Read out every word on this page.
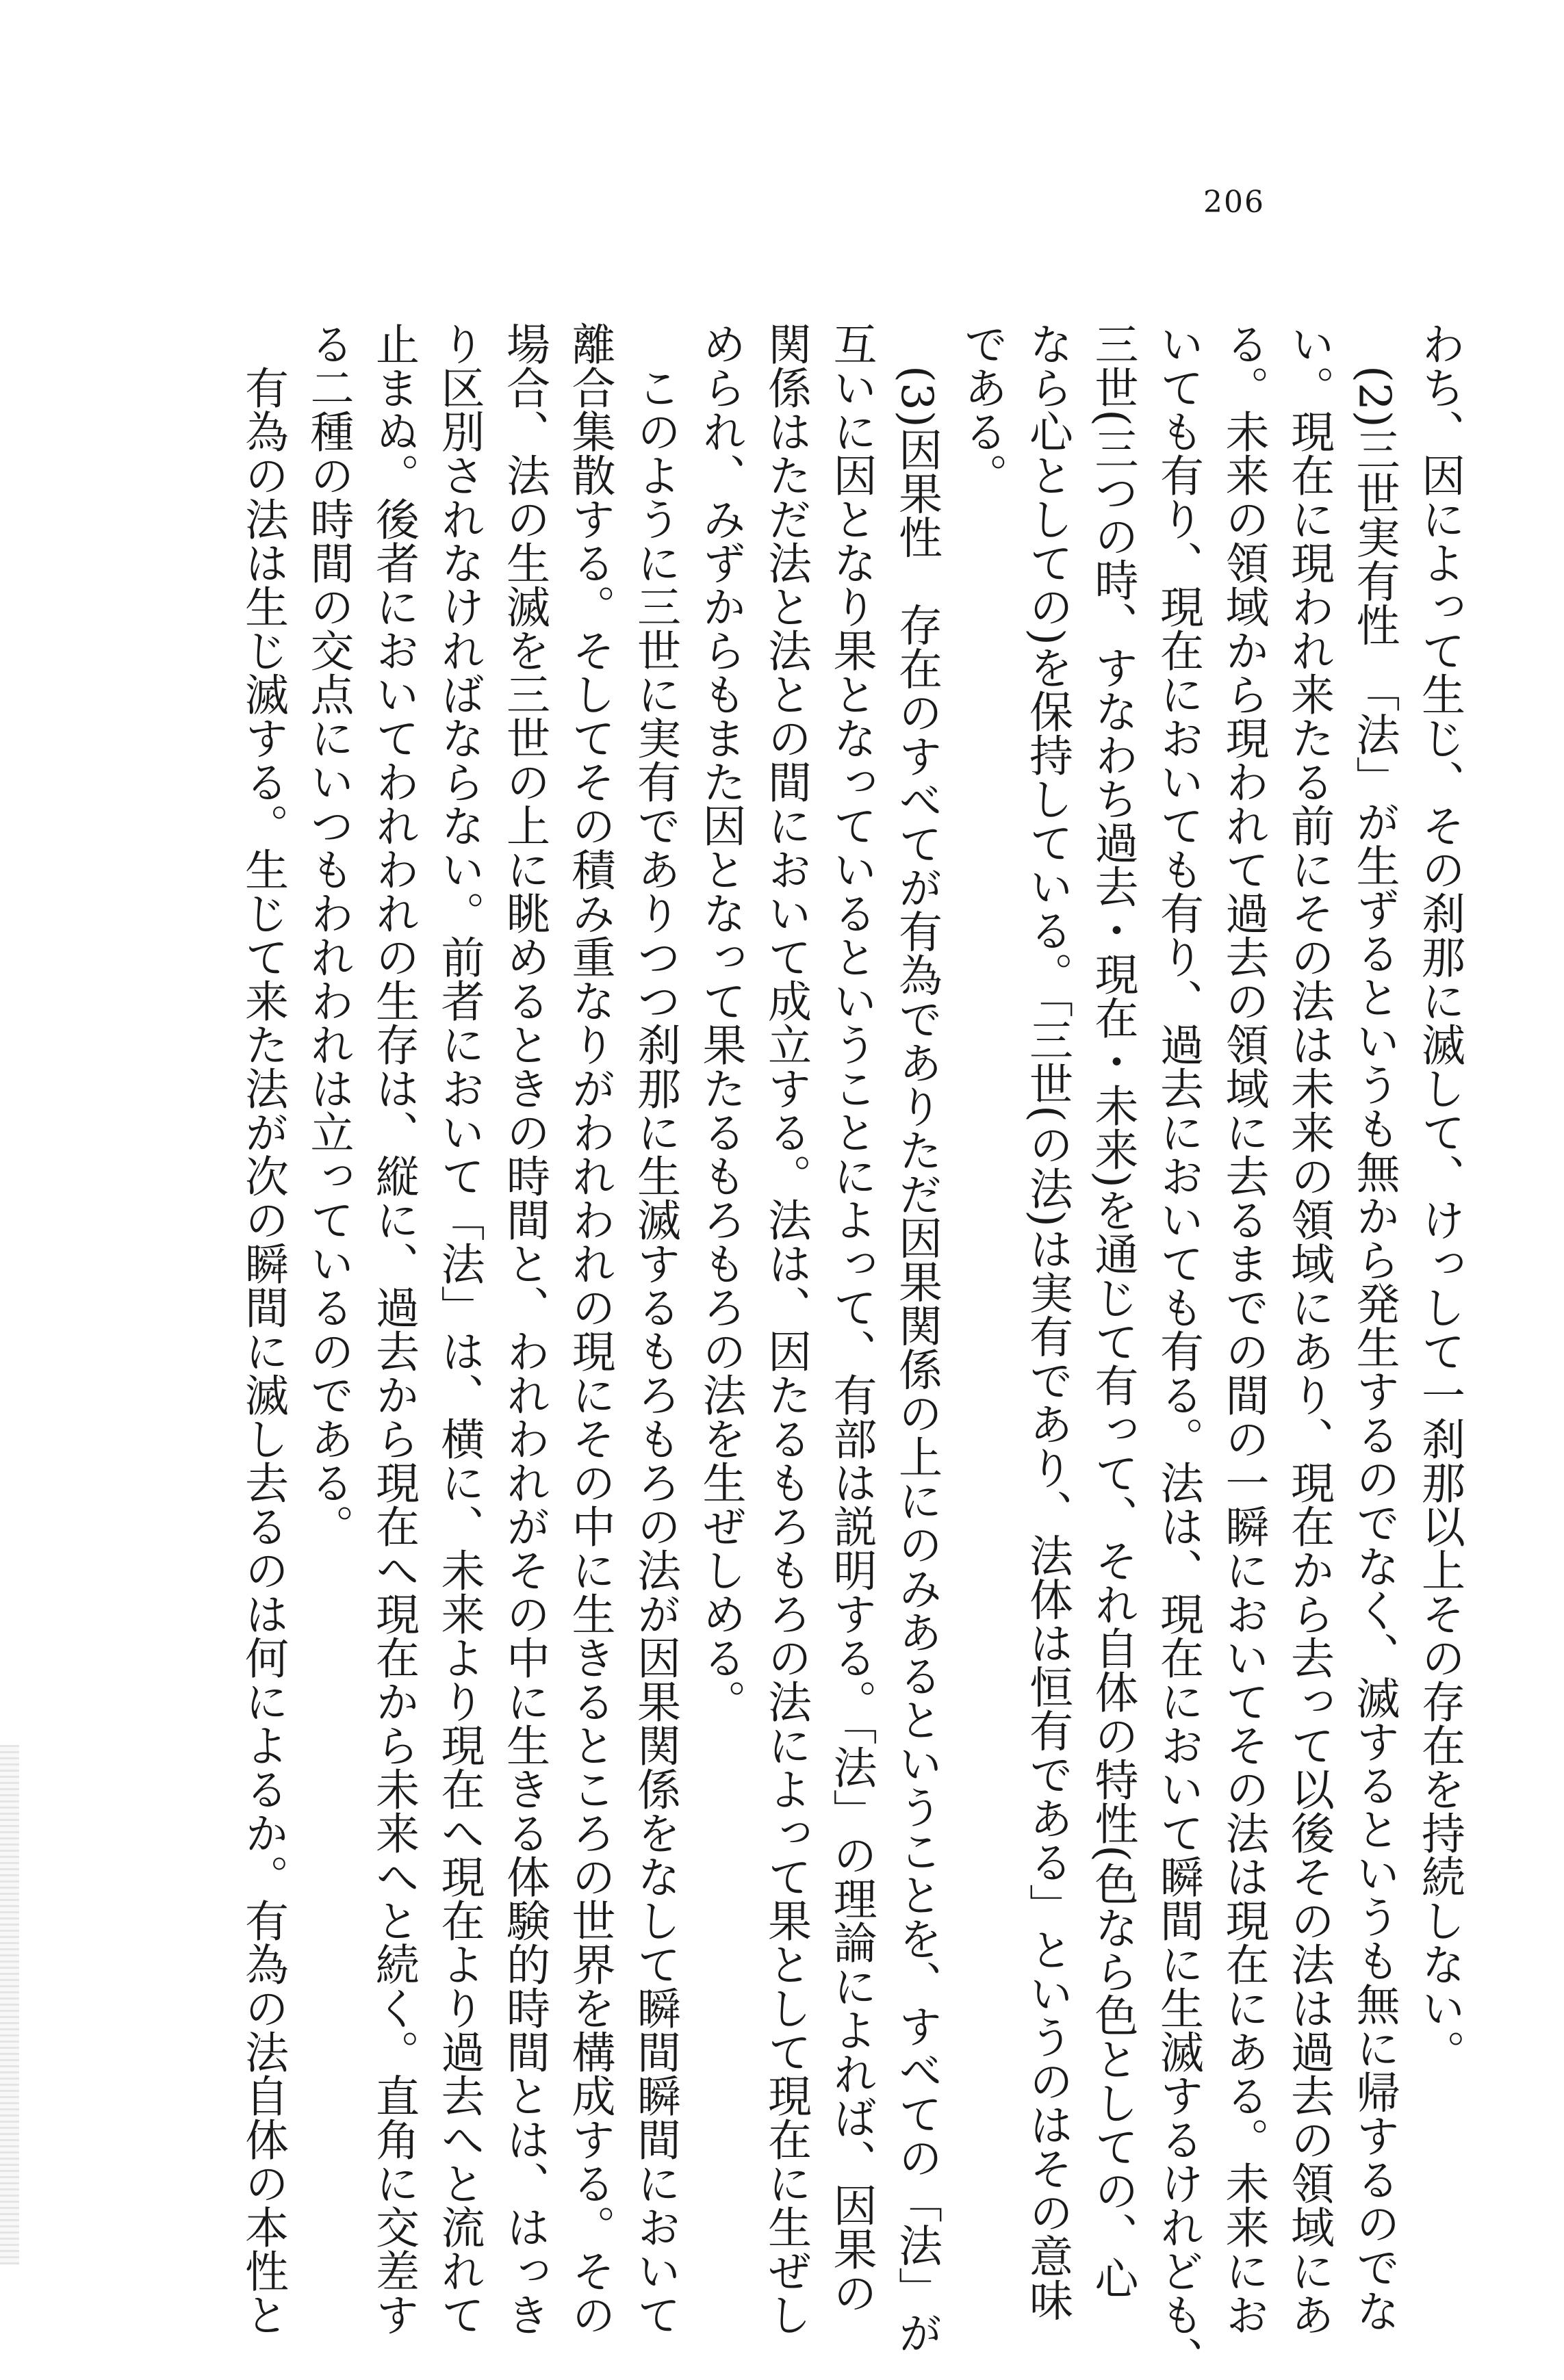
206
わち、因によって生じ、その刹那に滅して、けっして一刹那以上その存在を持続しない。
(2)三世実有性　「法」が生ずるというも無から発生するのでなく、滅するというも無に帰するのでな
い。現在に現われ来たる前にその法は未来の領域にあり、現在から去って以後その法は過去の領域にあ
る。未来の領域から現われて過去の領域に去るまでの間の一瞬においてその法は現在にある。未来にお
いても有り、現在においても有り、過去においても有る。法は、現在において瞬間に生滅するけれども、
三世(三つの時、すなわち過去・現在・未来)を通じて有って、それ自体の特性(色なら色としての、心
なら心としての)を保持している。「三世(の法)は実有であり、法体は恒有である」というのはその意味
である。
(3)因果性　存在のすべてが有為でありただ因果関係の上にのみあるということを、すべての「法」が
互いに因となり果となっているということによって、有部は説明する。「法」の理論によれば、因果の
関係はただ法と法との間において成立する。法は、因たるもろもろの法によって果として現在に生ぜし
められ、みずからもまた因となって果たるもろもろの法を生ぜしめる。
このように三世に実有でありつつ刹那に生滅するもろもろの法が因果関係をなして瞬間瞬間において
離合集散する。そしてその積み重なりがわれわれの現にその中に生きるところの世界を構成する。その
場合、法の生滅を三世の上に眺めるときの時間と、われわれがその中に生きる体験的時間とは、はっき
り区別されなければならない。前者において「法」は、横に、未来より現在へ現在より過去へと流れて
止まぬ。後者においてわれわれの生存は、縦に、過去から現在へ現在から未来へと続く。直角に交差す
る二種の時間の交点にいつもわれわれは立っているのである。
有為の法は生じ滅する。生じて来た法が次の瞬間に滅し去るのは何によるか。有為の法自体の本性と
